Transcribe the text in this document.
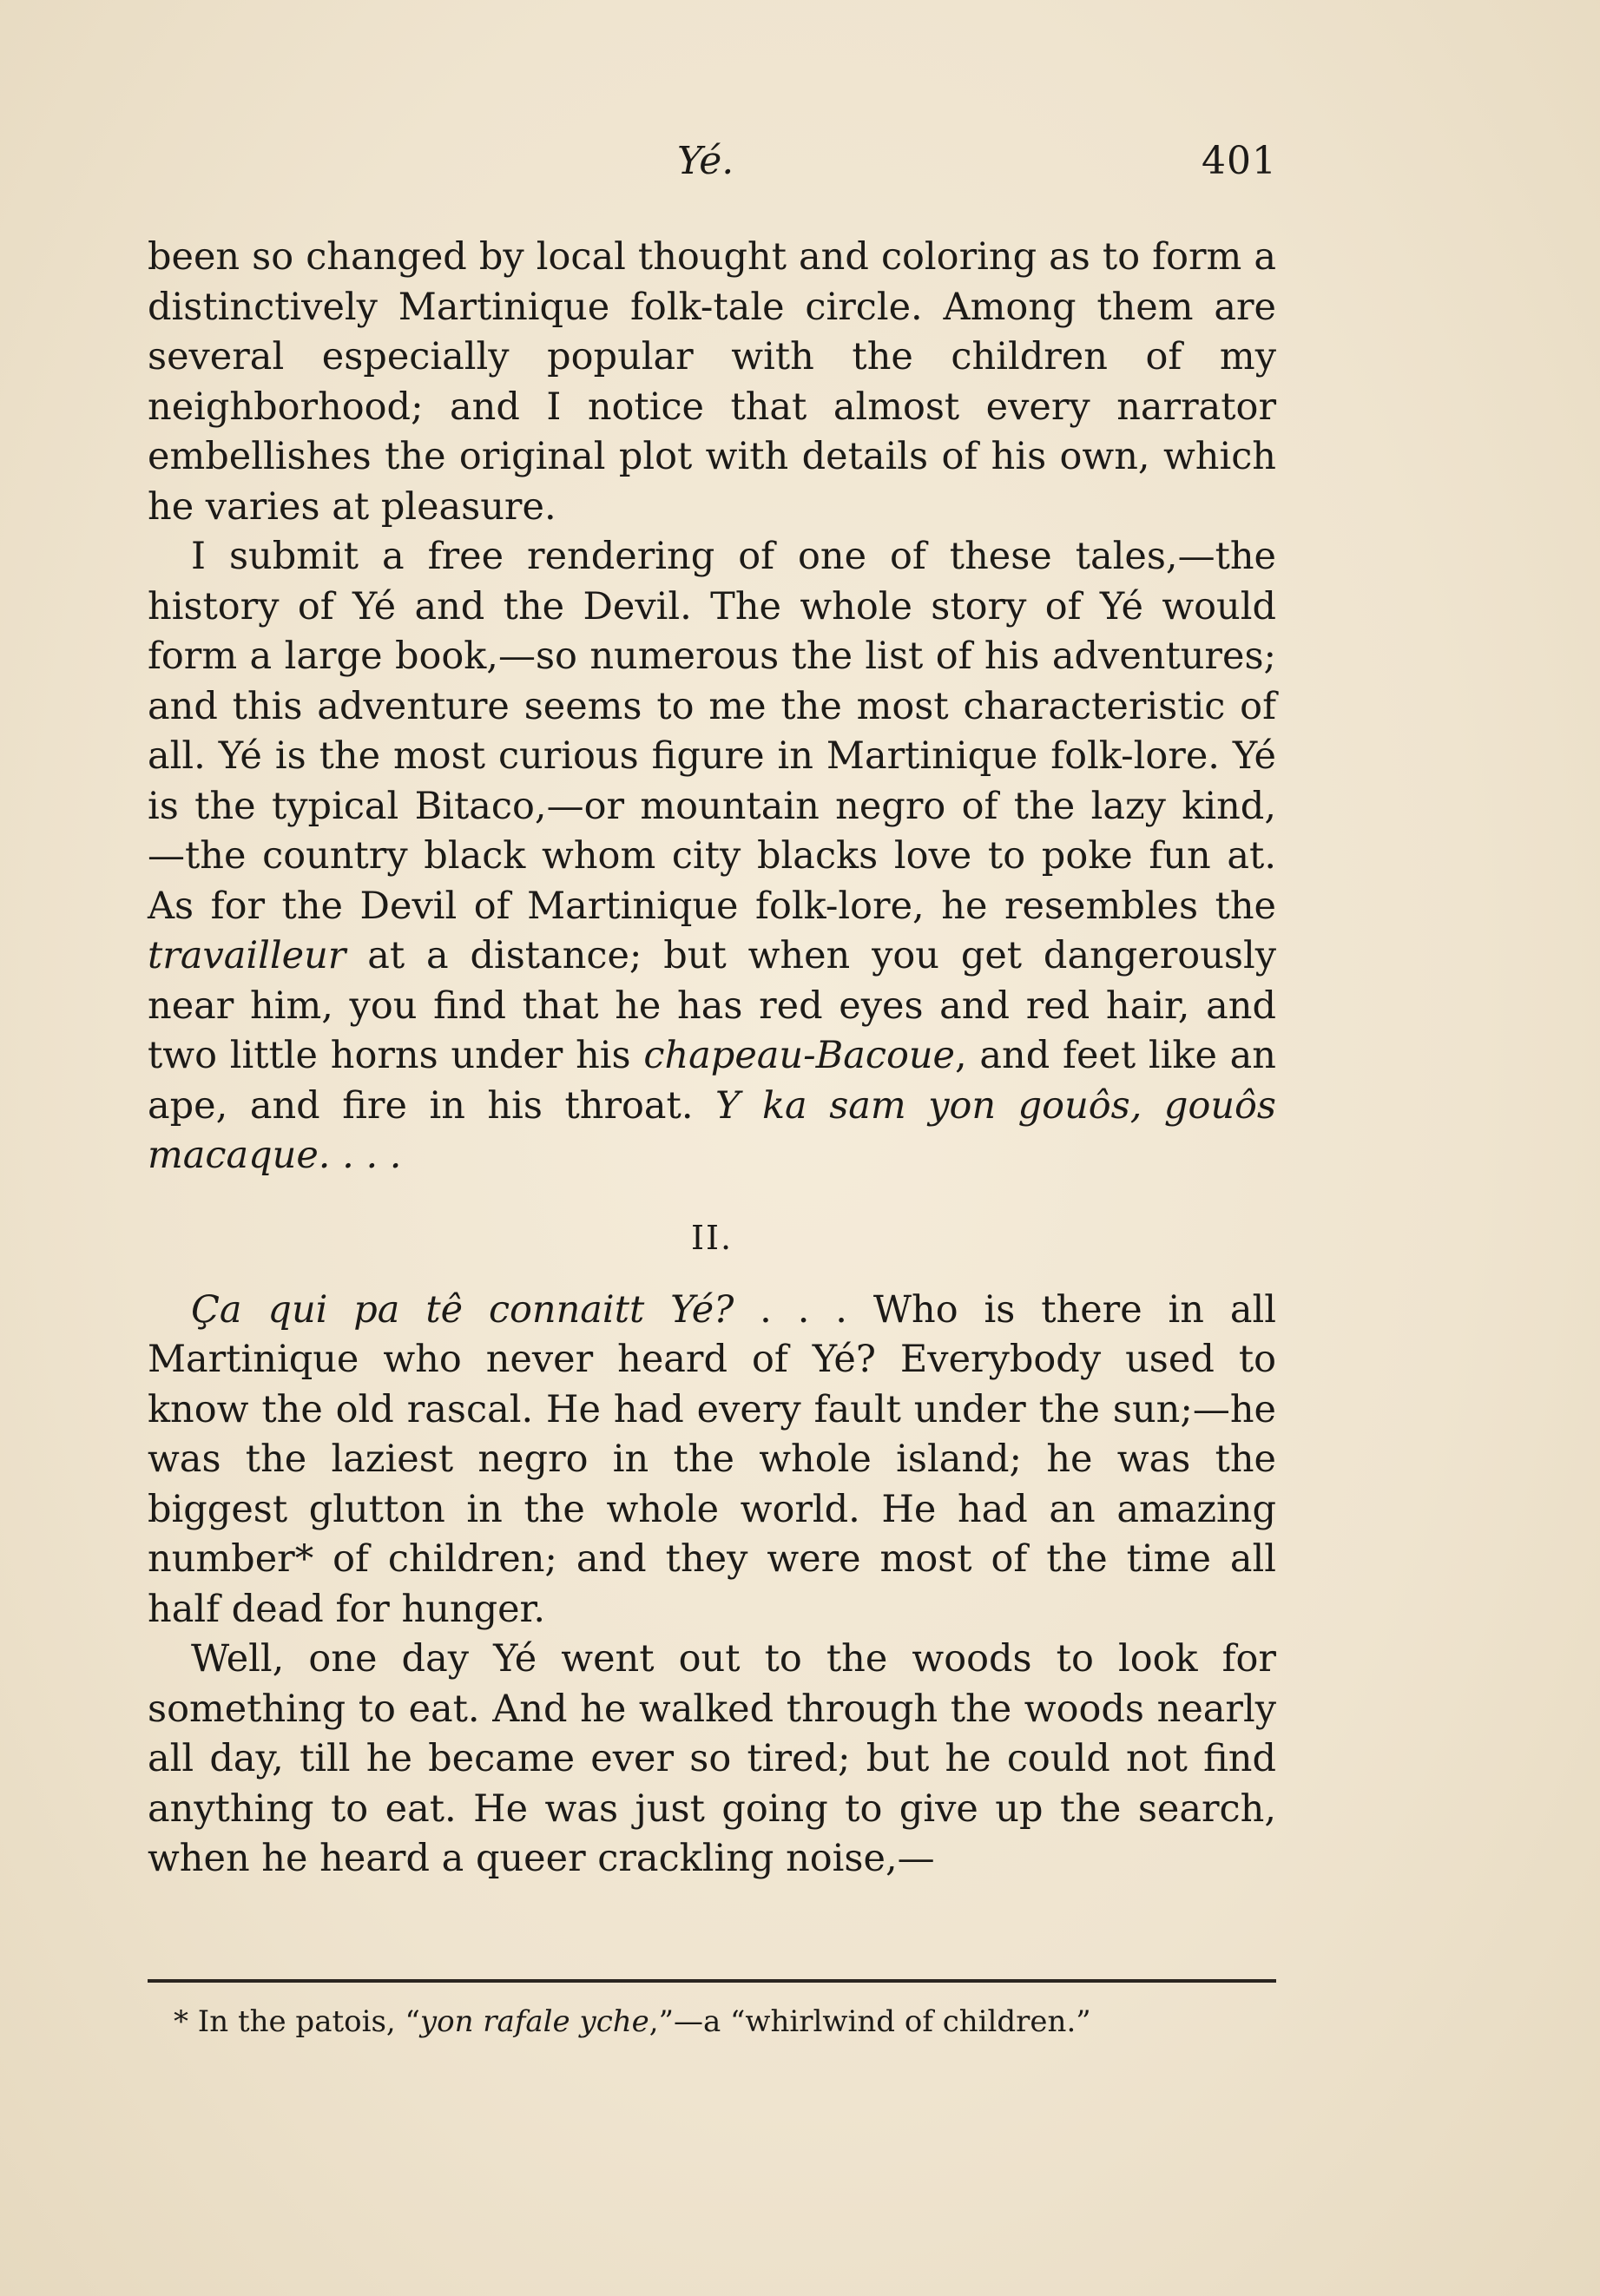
Yé.	401

been so changed by local thought and coloring as to form a distinctively Martinique folk-tale circle. Among them are several especially popular with the children of my neighborhood; and I notice that almost every narrator embellishes the original plot with details of his own, which he varies at pleasure.

I submit a free rendering of one of these tales,—the history of Yé and the Devil. The whole story of Yé would form a large book,—so numerous the list of his adventures; and this adventure seems to me the most characteristic of all. Yé is the most curious figure in Martinique folk-lore. Yé is the typical Bitaco,—or mountain negro of the lazy kind,—the country black whom city blacks love to poke fun at. As for the Devil of Martinique folk-lore, he resembles the travailleur at a distance; but when you get dangerously near him, you find that he has red eyes and red hair, and two little horns under his chapeau-Bacoue, and feet like an ape, and fire in his throat. Y ka sam yon gouôs, gouôs macaque. . . .

II.

Ça qui pa tê connaitt Yé? . . . Who is there in all Martinique who never heard of Yé? Everybody used to know the old rascal. He had every fault under the sun;—he was the laziest negro in the whole island; he was the biggest glutton in the whole world. He had an amazing number* of children; and they were most of the time all half dead for hunger.

Well, one day Yé went out to the woods to look for something to eat. And he walked through the woods nearly all day, till he became ever so tired; but he could not find anything to eat. He was just going to give up the search, when he heard a queer crackling noise,—

* In the patois, “yon rafale yche,”—a “whirlwind of children.”
